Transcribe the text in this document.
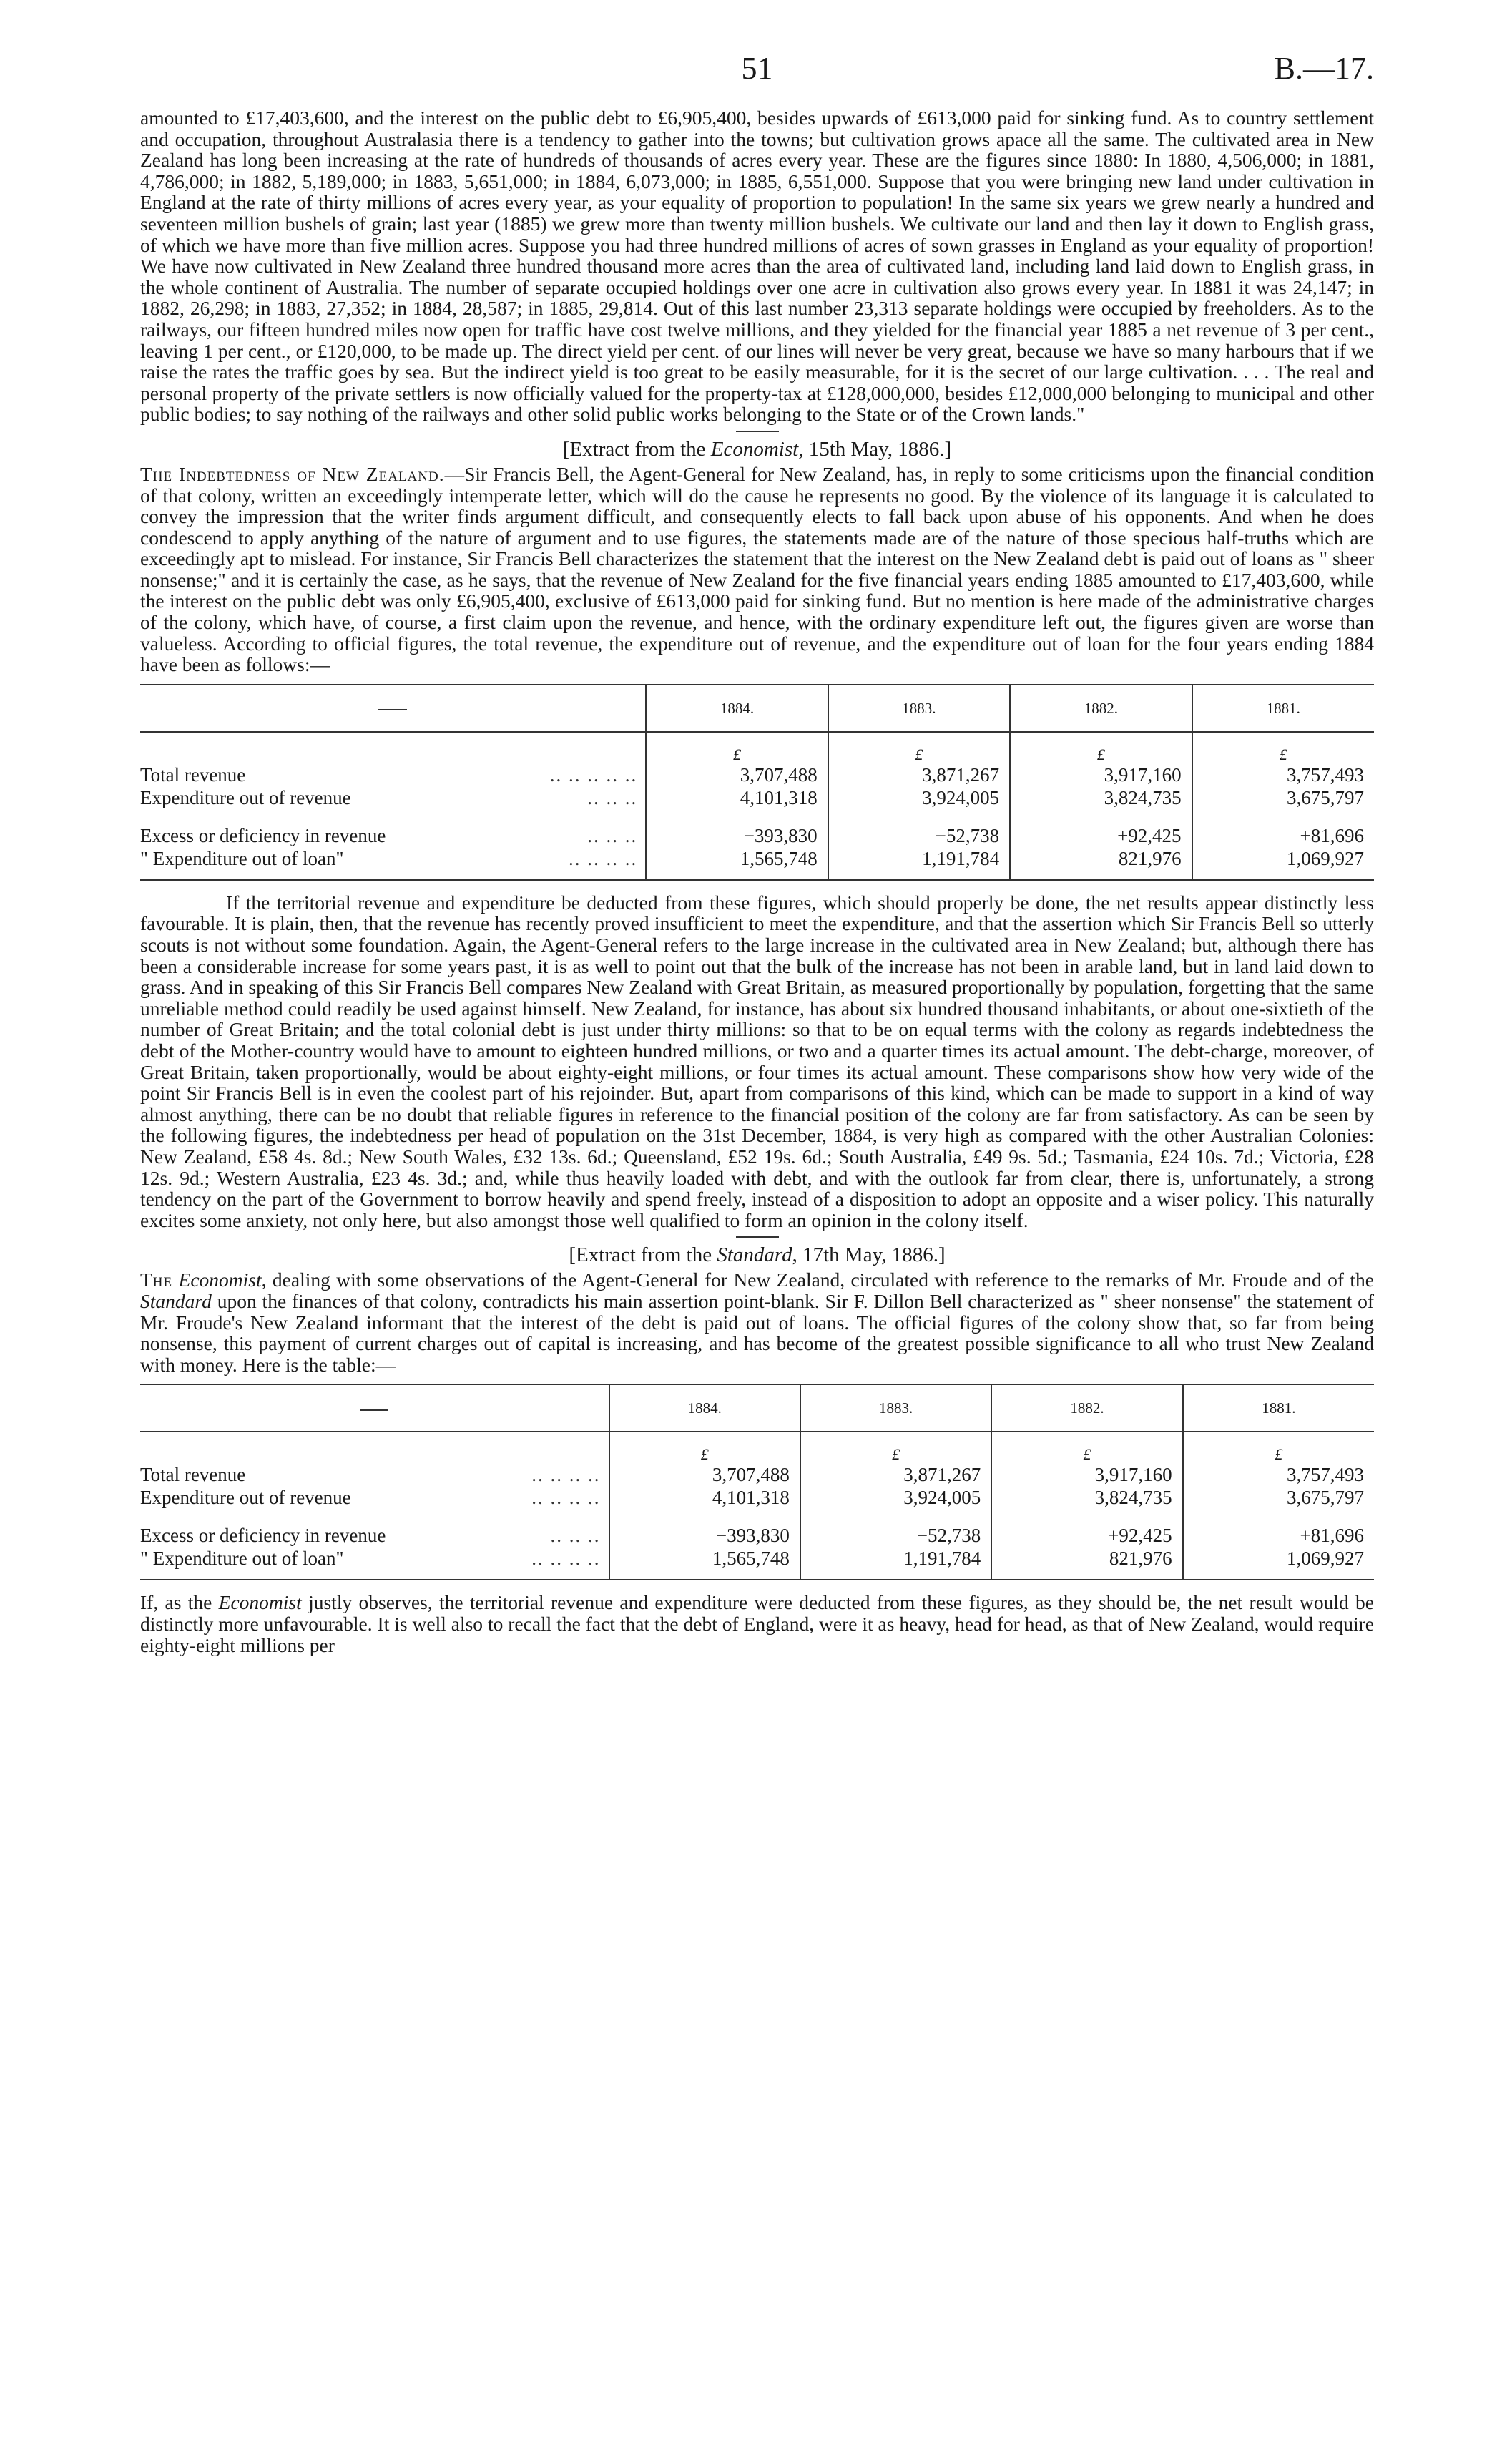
51	B.—17.

amounted to £17,403,600, and the interest on the public debt to £6,905,400, besides upwards of £613,000 paid for sinking fund. As to country settlement and occupation, throughout Australasia there is a tendency to gather into the towns; but cultivation grows apace all the same. The cultivated area in New Zealand has long been increasing at the rate of hundreds of thousands of acres every year. These are the figures since 1880: In 1880, 4,506,000; in 1881, 4,786,000; in 1882, 5,189,000; in 1883, 5,651,000; in 1884, 6,073,000; in 1885, 6,551,000. Suppose that you were bringing new land under cultivation in England at the rate of thirty millions of acres every year, as your equality of proportion to population! In the same six years we grew nearly a hundred and seventeen million bushels of grain; last year (1885) we grew more than twenty million bushels. We cultivate our land and then lay it down to English grass, of which we have more than five million acres. Suppose you had three hundred millions of acres of sown grasses in England as your equality of proportion! We have now cultivated in New Zealand three hundred thousand more acres than the area of cultivated land, including land laid down to English grass, in the whole continent of Australia. The number of separate occupied holdings over one acre in cultivation also grows every year. In 1881 it was 24,147; in 1882, 26,298; in 1883, 27,352; in 1884, 28,587; in 1885, 29,814. Out of this last number 23,313 separate holdings were occupied by freeholders. As to the railways, our fifteen hundred miles now open for traffic have cost twelve millions, and they yielded for the financial year 1885 a net revenue of 3 per cent., leaving 1 per cent., or £120,000, to be made up. The direct yield per cent. of our lines will never be very great, because we have so many harbours that if we raise the rates the traffic goes by sea. But the indirect yield is too great to be easily measurable, for it is the secret of our large cultivation. . . . The real and personal property of the private settlers is now officially valued for the property-tax at £128,000,000, besides £12,000,000 belonging to municipal and other public bodies; to say nothing of the railways and other solid public works belonging to the State or of the Crown lands."

[Extract from the Economist, 15th May, 1886.]

The Indebtedness of New Zealand.—Sir Francis Bell, the Agent-General for New Zealand, has, in reply to some criticisms upon the financial condition of that colony, written an exceedingly intemperate letter, which will do the cause he represents no good. By the violence of its language it is calculated to convey the impression that the writer finds argument difficult, and consequently elects to fall back upon abuse of his opponents. And when he does condescend to apply anything of the nature of argument and to use figures, the statements made are of the nature of those specious half-truths which are exceedingly apt to mislead. For instance, Sir Francis Bell characterizes the statement that the interest on the New Zealand debt is paid out of loans as " sheer nonsense;" and it is certainly the case, as he says, that the revenue of New Zealand for the five financial years ending 1885 amounted to £17,403,600, while the interest on the public debt was only £6,905,400, exclusive of £613,000 paid for sinking fund. But no mention is here made of the administrative charges of the colony, which have, of course, a first claim upon the revenue, and hence, with the ordinary expenditure left out, the figures given are worse than valueless. According to official figures, the total revenue, the expenditure out of revenue, and the expenditure out of loan for the four years ending 1884 have been as follows:—

	1884.	1883.	1882.	1881.
	£	£	£	£
Total revenue .. .. .. .. ..	3,707,488	3,871,267	3,917,160	3,757,493
Expenditure out of revenue .. .. ..	4,101,318	3,924,005	3,824,735	3,675,797
Excess or deficiency in revenue .. .. ..	−393,830	−52,738	+92,425	+81,696
" Expenditure out of loan" .. .. .. ..	1,565,748	1,191,784	821,976	1,069,927

If the territorial revenue and expenditure be deducted from these figures, which should properly be done, the net results appear distinctly less favourable. It is plain, then, that the revenue has recently proved insufficient to meet the expenditure, and that the assertion which Sir Francis Bell so utterly scouts is not without some foundation. Again, the Agent-General refers to the large increase in the cultivated area in New Zealand; but, although there has been a considerable increase for some years past, it is as well to point out that the bulk of the increase has not been in arable land, but in land laid down to grass. And in speaking of this Sir Francis Bell compares New Zealand with Great Britain, as measured proportionally by population, forgetting that the same unreliable method could readily be used against himself. New Zealand, for instance, has about six hundred thousand inhabitants, or about one-sixtieth of the number of Great Britain; and the total colonial debt is just under thirty millions: so that to be on equal terms with the colony as regards indebtedness the debt of the Mother-country would have to amount to eighteen hundred millions, or two and a quarter times its actual amount. The debt-charge, moreover, of Great Britain, taken proportionally, would be about eighty-eight millions, or four times its actual amount. These comparisons show how very wide of the point Sir Francis Bell is in even the coolest part of his rejoinder. But, apart from comparisons of this kind, which can be made to support in a kind of way almost anything, there can be no doubt that reliable figures in reference to the financial position of the colony are far from satisfactory. As can be seen by the following figures, the indebtedness per head of population on the 31st December, 1884, is very high as compared with the other Australian Colonies: New Zealand, £58 4s. 8d.; New South Wales, £32 13s. 6d.; Queensland, £52 19s. 6d.; South Australia, £49 9s. 5d.; Tasmania, £24 10s. 7d.; Victoria, £28 12s. 9d.; Western Australia, £23 4s. 3d.; and, while thus heavily loaded with debt, and with the outlook far from clear, there is, unfortunately, a strong tendency on the part of the Government to borrow heavily and spend freely, instead of a disposition to adopt an opposite and a wiser policy. This naturally excites some anxiety, not only here, but also amongst those well qualified to form an opinion in the colony itself.

[Extract from the Standard, 17th May, 1886.]

The Economist, dealing with some observations of the Agent-General for New Zealand, circulated with reference to the remarks of Mr. Froude and of the Standard upon the finances of that colony, contradicts his main assertion point-blank. Sir F. Dillon Bell characterized as " sheer nonsense" the statement of Mr. Froude's New Zealand informant that the interest of the debt is paid out of loans. The official figures of the colony show that, so far from being nonsense, this payment of current charges out of capital is increasing, and has become of the greatest possible significance to all who trust New Zealand with money. Here is the table:—

	1884.	1883.	1882.	1881.
	£	£	£	£
Total revenue .. .. .. ..	3,707,488	3,871,267	3,917,160	3,757,493
Expenditure out of revenue .. .. .. ..	4,101,318	3,924,005	3,824,735	3,675,797
Excess or deficiency in revenue .. .. ..	−393,830	−52,738	+92,425	+81,696
" Expenditure out of loan" .. .. .. ..	1,565,748	1,191,784	821,976	1,069,927

If, as the Economist justly observes, the territorial revenue and expenditure were deducted from these figures, as they should be, the net result would be distinctly more unfavourable. It is well also to recall the fact that the debt of England, were it as heavy, head for head, as that of New Zealand, would require eighty-eight millions per
